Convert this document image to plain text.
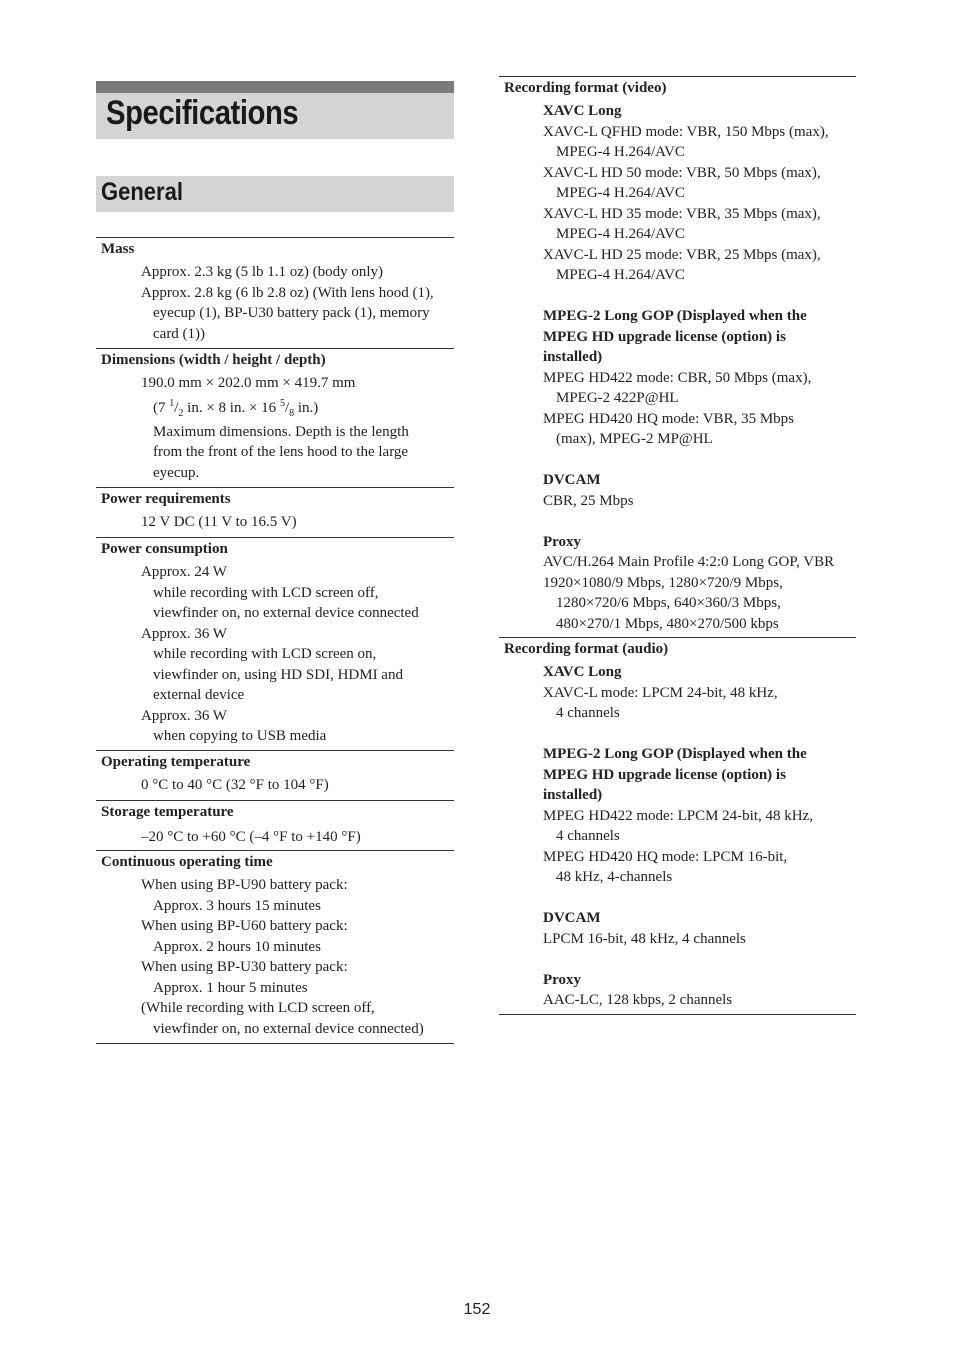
Specifications
General
Mass
Approx. 2.3 kg (5 lb 1.1 oz) (body only)
Approx. 2.8 kg (6 lb 2.8 oz) (With lens hood (1),
eyecup (1), BP-U30 battery pack (1), memory
card (1))
Dimensions (width / height / depth)
190.0 mm × 202.0 mm × 419.7 mm
(7 $^1/_2$ in. × 8 in. × 16 $^5/_8$ in.)
Maximum dimensions. Depth is the length
from the front of the lens hood to the large
eyecup.
Power requirements
12 V DC (11 V to 16.5 V)
Power consumption
Approx. 24 W
while recording with LCD screen off,
viewfinder on, no external device connected
Approx. 36 W
while recording with LCD screen on,
viewfinder on, using HD SDI, HDMI and
external device
Approx. 36 W
when copying to USB media
Operating temperature
0 °C to 40 °C (32 °F to 104 °F)
Storage temperature
–20 °C to +60 °C (–4 °F to +140 °F)
Continuous operating time
When using BP-U90 battery pack:
Approx. 3 hours 15 minutes
When using BP-U60 battery pack:
Approx. 2 hours 10 minutes
When using BP-U30 battery pack:
Approx. 1 hour 5 minutes
(While recording with LCD screen off,
viewfinder on, no external device connected)
Recording format (video)
XAVC Long
XAVC-L QFHD mode: VBR, 150 Mbps (max),
MPEG-4 H.264/AVC
XAVC-L HD 50 mode: VBR, 50 Mbps (max),
MPEG-4 H.264/AVC
XAVC-L HD 35 mode: VBR, 35 Mbps (max),
MPEG-4 H.264/AVC
XAVC-L HD 25 mode: VBR, 25 Mbps (max),
MPEG-4 H.264/AVC
MPEG-2 Long GOP (Displayed when the
MPEG HD upgrade license (option) is
installed)
MPEG HD422 mode: CBR, 50 Mbps (max),
MPEG-2 422P@HL
MPEG HD420 HQ mode: VBR, 35 Mbps
(max), MPEG-2 MP@HL
DVCAM
CBR, 25 Mbps
Proxy
AVC/H.264 Main Profile 4:2:0 Long GOP, VBR
1920×1080/9 Mbps, 1280×720/9 Mbps,
1280×720/6 Mbps, 640×360/3 Mbps,
480×270/1 Mbps, 480×270/500 kbps
Recording format (audio)
XAVC Long
XAVC-L mode: LPCM 24-bit, 48 kHz,
4 channels
MPEG-2 Long GOP (Displayed when the
MPEG HD upgrade license (option) is
installed)
MPEG HD422 mode: LPCM 24-bit, 48 kHz,
4 channels
MPEG HD420 HQ mode: LPCM 16-bit,
48 kHz, 4-channels
DVCAM
LPCM 16-bit, 48 kHz, 4 channels
Proxy
AAC-LC, 128 kbps, 2 channels
152
